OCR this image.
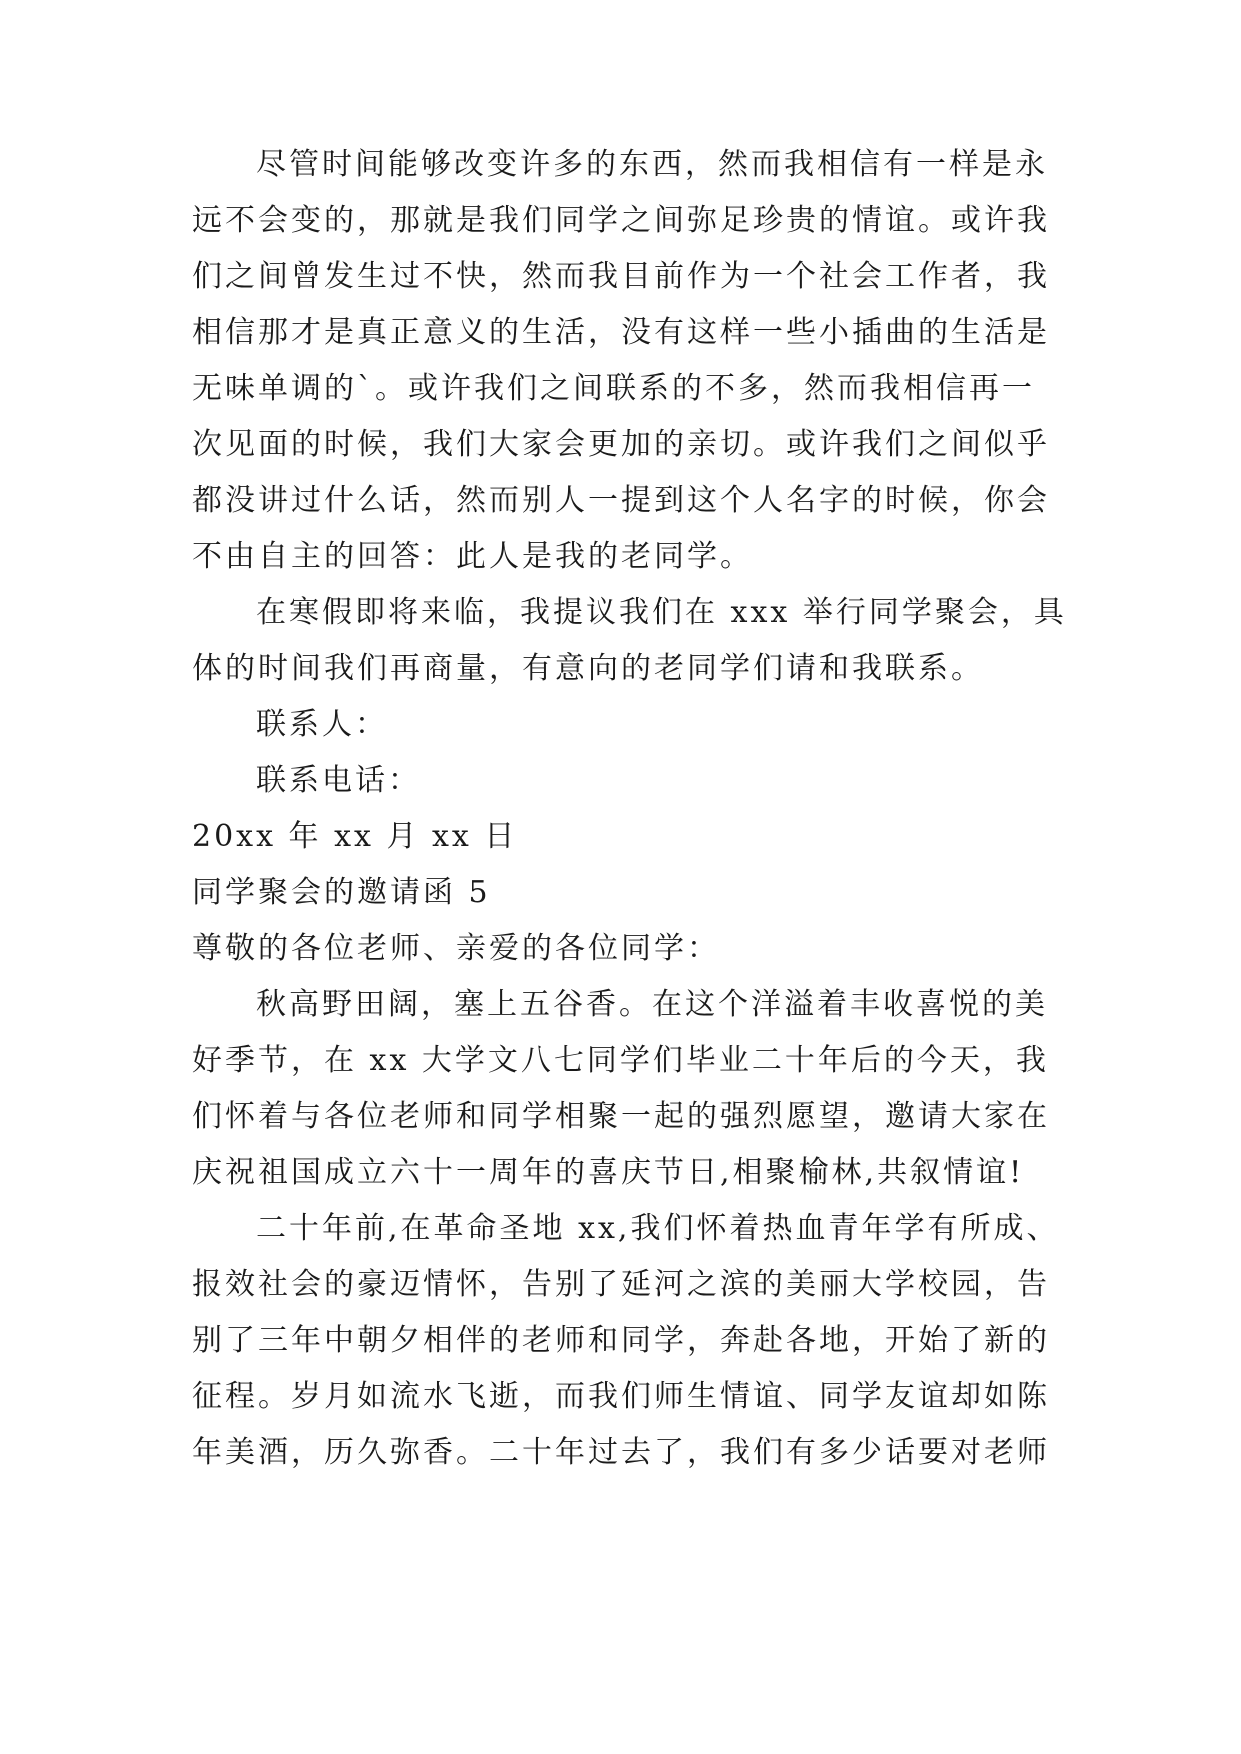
尽管时间能够改变许多的东西，然而我相信有一样是永
远不会变的，那就是我们同学之间弥足珍贵的情谊。或许我
们之间曾发生过不快，然而我目前作为一个社会工作者，我
相信那才是真正意义的生活，没有这样一些小插曲的生活是
无味单调的`。或许我们之间联系的不多，然而我相信再一
次见面的时候，我们大家会更加的亲切。或许我们之间似乎
都没讲过什么话，然而别人一提到这个人名字的时候，你会
不由自主的回答：此人是我的老同学。
在寒假即将来临，我提议我们在 xxx 举行同学聚会，具
体的时间我们再商量，有意向的老同学们请和我联系。
联系人：
联系电话：
20xx 年 xx 月 xx 日
同学聚会的邀请函 5
尊敬的各位老师、亲爱的各位同学：
秋高野田阔，塞上五谷香。在这个洋溢着丰收喜悦的美
好季节，在 xx 大学文八七同学们毕业二十年后的今天，我
们怀着与各位老师和同学相聚一起的强烈愿望，邀请大家在
庆祝祖国成立六十一周年的喜庆节日,相聚榆林,共叙情谊!
二十年前,在革命圣地 xx,我们怀着热血青年学有所成、
报效社会的豪迈情怀，告别了延河之滨的美丽大学校园，告
别了三年中朝夕相伴的老师和同学，奔赴各地，开始了新的
征程。岁月如流水飞逝，而我们师生情谊、同学友谊却如陈
年美酒，历久弥香。二十年过去了，我们有多少话要对老师
